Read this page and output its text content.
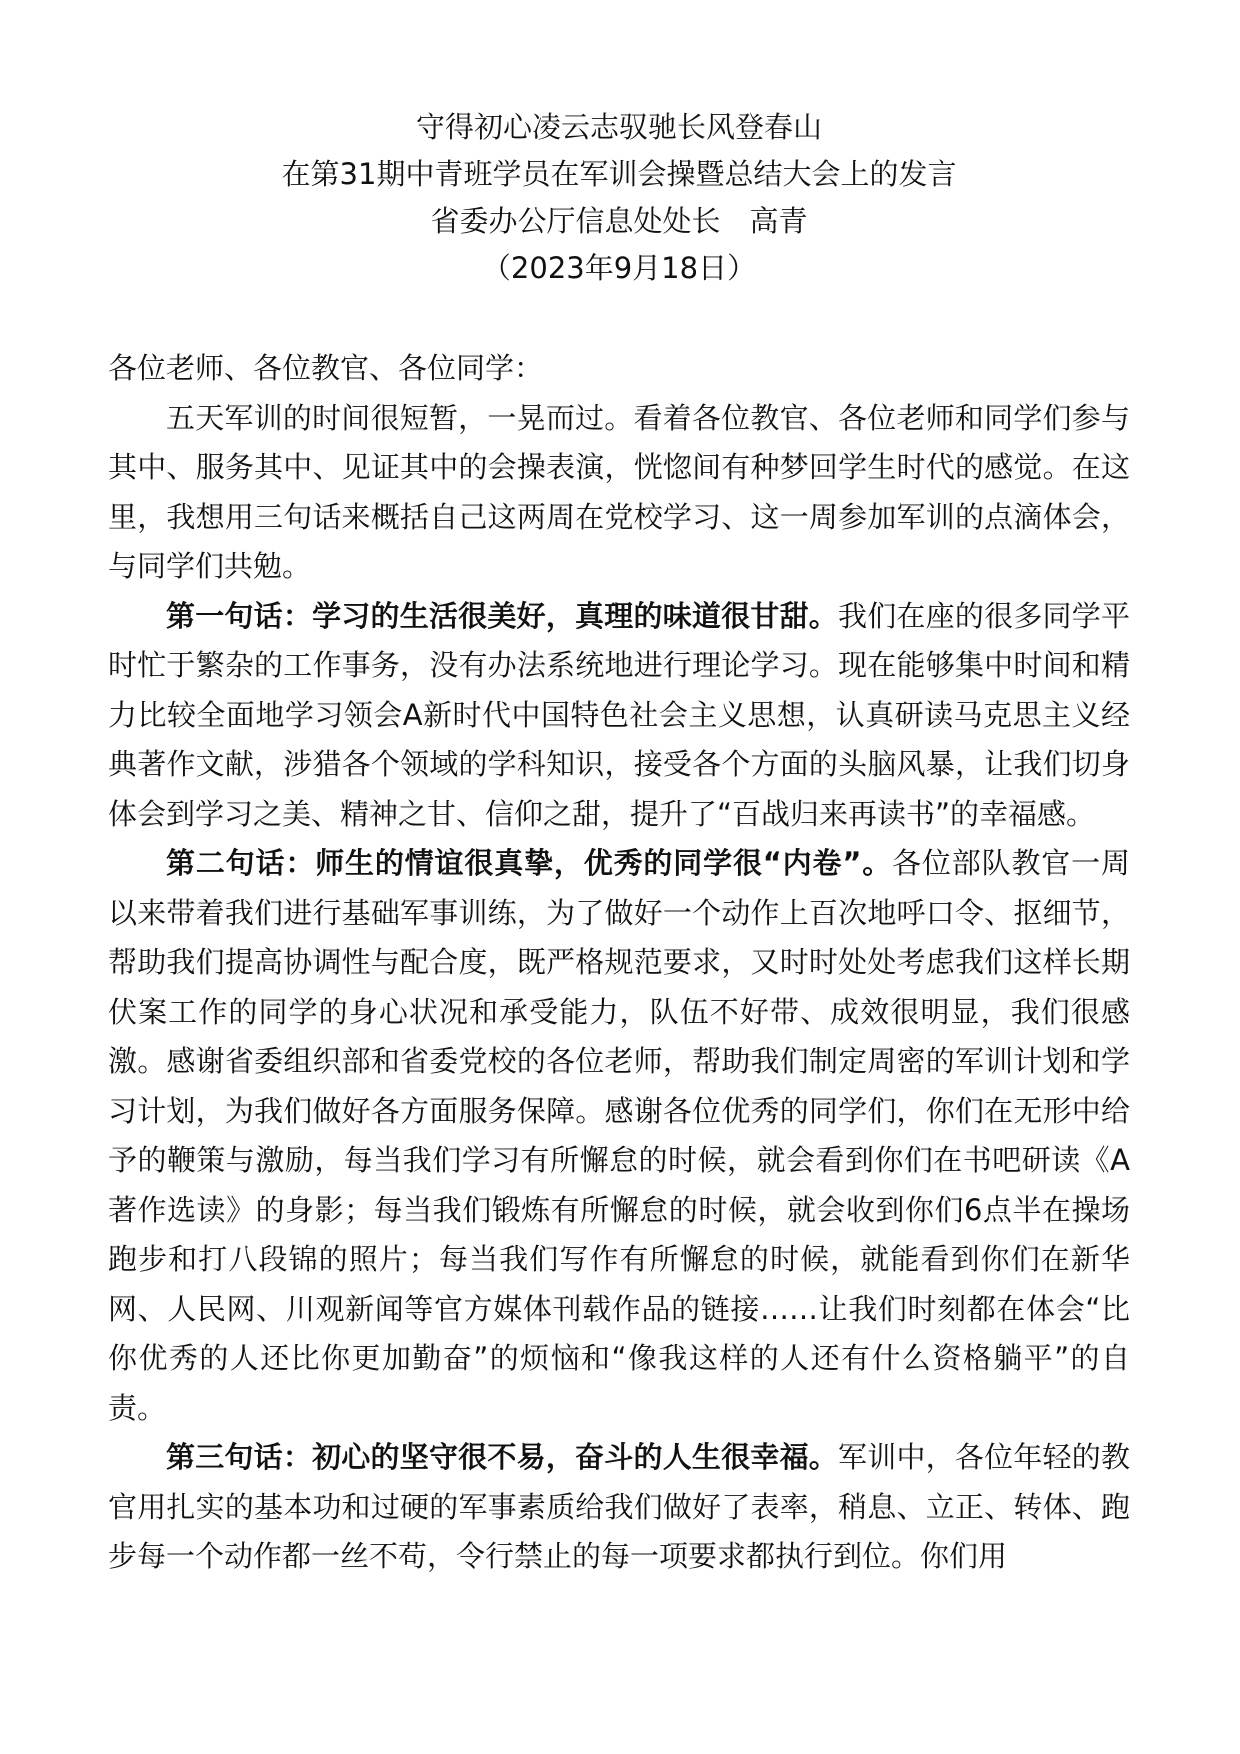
守得初心凌云志驭驰长风登春山

在第31期中青班学员在军训会操暨总结大会上的发言

省委办公厅信息处处长　高青

（2023年9月18日）

各位老师、各位教官、各位同学：

五天军训的时间很短暂，一晃而过。看着各位教官、各位老师和同学们参与其中、服务其中、见证其中的会操表演，恍惚间有种梦回学生时代的感觉。在这里，我想用三句话来概括自己这两周在党校学习、这一周参加军训的点滴体会，与同学们共勉。

第一句话：学习的生活很美好，真理的味道很甘甜。我们在座的很多同学平时忙于繁杂的工作事务，没有办法系统地进行理论学习。现在能够集中时间和精力比较全面地学习领会A新时代中国特色社会主义思想，认真研读马克思主义经典著作文献，涉猎各个领域的学科知识，接受各个方面的头脑风暴，让我们切身体会到学习之美、精神之甘、信仰之甜，提升了“百战归来再读书”的幸福感。

第二句话：师生的情谊很真挚，优秀的同学很“内卷”。各位部队教官一周以来带着我们进行基础军事训练，为了做好一个动作上百次地呼口令、抠细节，帮助我们提高协调性与配合度，既严格规范要求，又时时处处考虑我们这样长期伏案工作的同学的身心状况和承受能力，队伍不好带、成效很明显，我们很感激。感谢省委组织部和省委党校的各位老师，帮助我们制定周密的军训计划和学习计划，为我们做好各方面服务保障。感谢各位优秀的同学们，你们在无形中给予的鞭策与激励，每当我们学习有所懈怠的时候，就会看到你们在书吧研读《A著作选读》的身影；每当我们锻炼有所懈怠的时候，就会收到你们6点半在操场跑步和打八段锦的照片；每当我们写作有所懈怠的时候，就能看到你们在新华网、人民网、川观新闻等官方媒体刊载作品的链接……让我们时刻都在体会“比你优秀的人还比你更加勤奋”的烦恼和“像我这样的人还有什么资格躺平”的自责。

第三句话：初心的坚守很不易，奋斗的人生很幸福。军训中，各位年轻的教官用扎实的基本功和过硬的军事素质给我们做好了表率，稍息、立正、转体、跑步每一个动作都一丝不苟，令行禁止的每一项要求都执行到位。你们用
